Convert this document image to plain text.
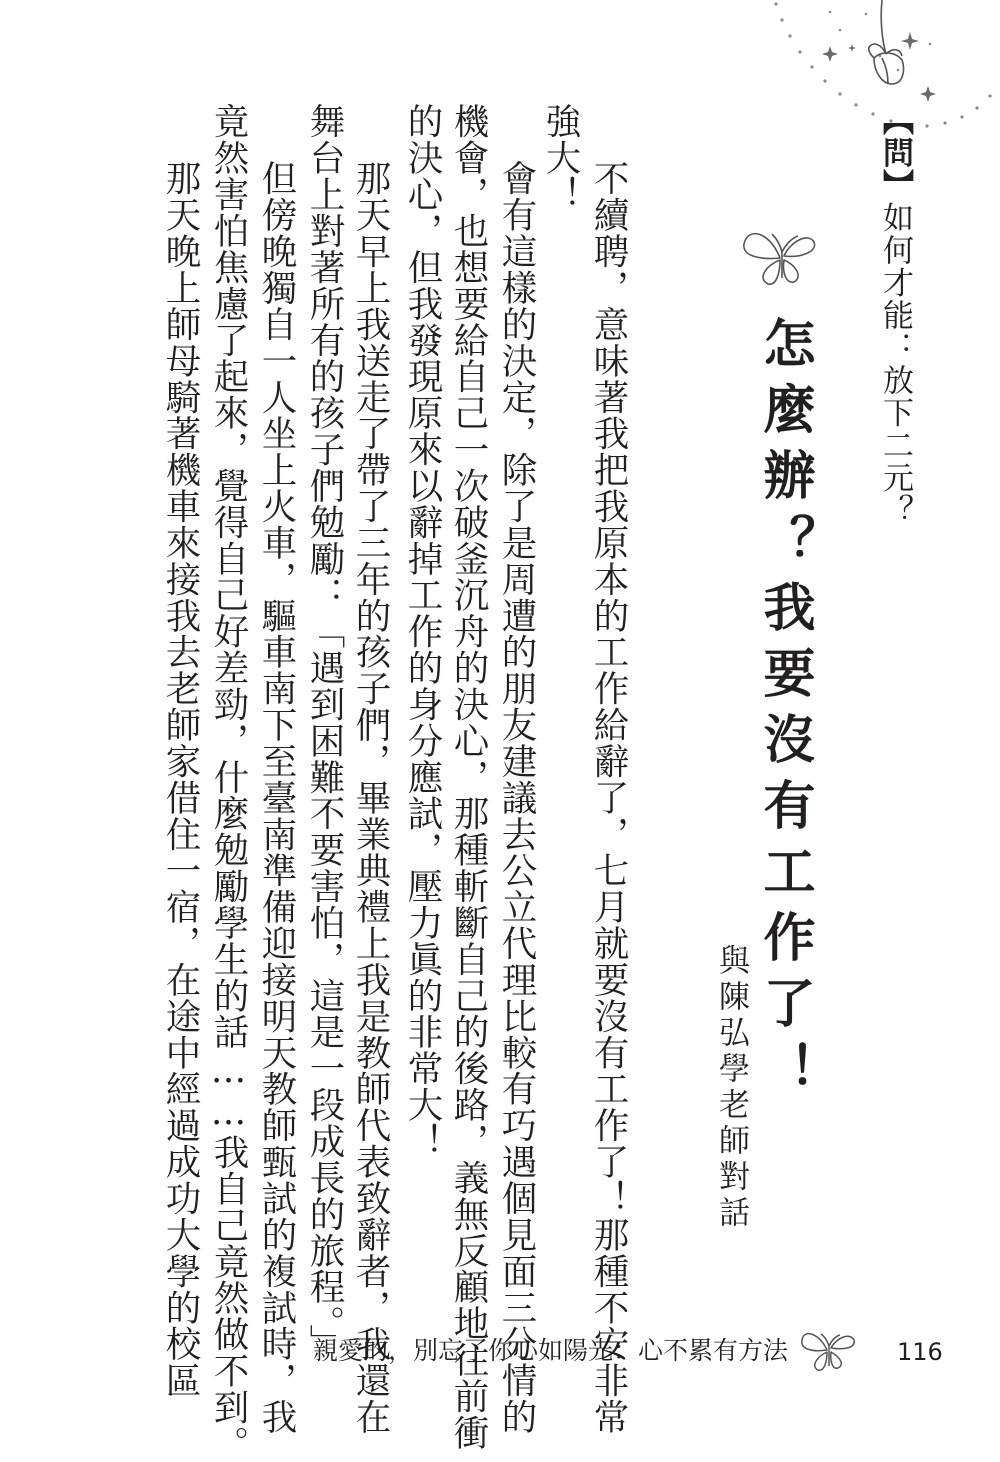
【問】如何才能：放下二元？
怎麼辦？我要沒有工作了！
與陳弘學老師對話
不續聘，意味著我把我原本的工作給辭了，七月就要沒有工作了！那種不安非常
強大！
會有這樣的決定，除了是周遭的朋友建議去公立代理比較有巧遇個見面三分情的
機會，也想要給自己一次破釜沉舟的決心，那種斬斷自己的後路，義無反顧地往前衝
的決心，但我發現原來以辭掉工作的身分應試，壓力眞的非常大！
那天早上我送走了帶了三年的孩子們，畢業典禮上我是教師代表致辭者，我還在
舞台上對著所有的孩子們勉勵：「遇到困難不要害怕，這是一段成長的旅程。」
但傍晚獨自一人坐上火車，驅車南下至臺南準備迎接明天教師甄試的複試時，我
竟然害怕焦慮了起來，覺得自己好差勁，什麼勉勵學生的話……我自己竟然做不到。
那天晚上師母騎著機車來接我去老師家借住一宿，在途中經過成功大學的校區	親愛的，別忘了你心如陽光：心不累有方法	116
